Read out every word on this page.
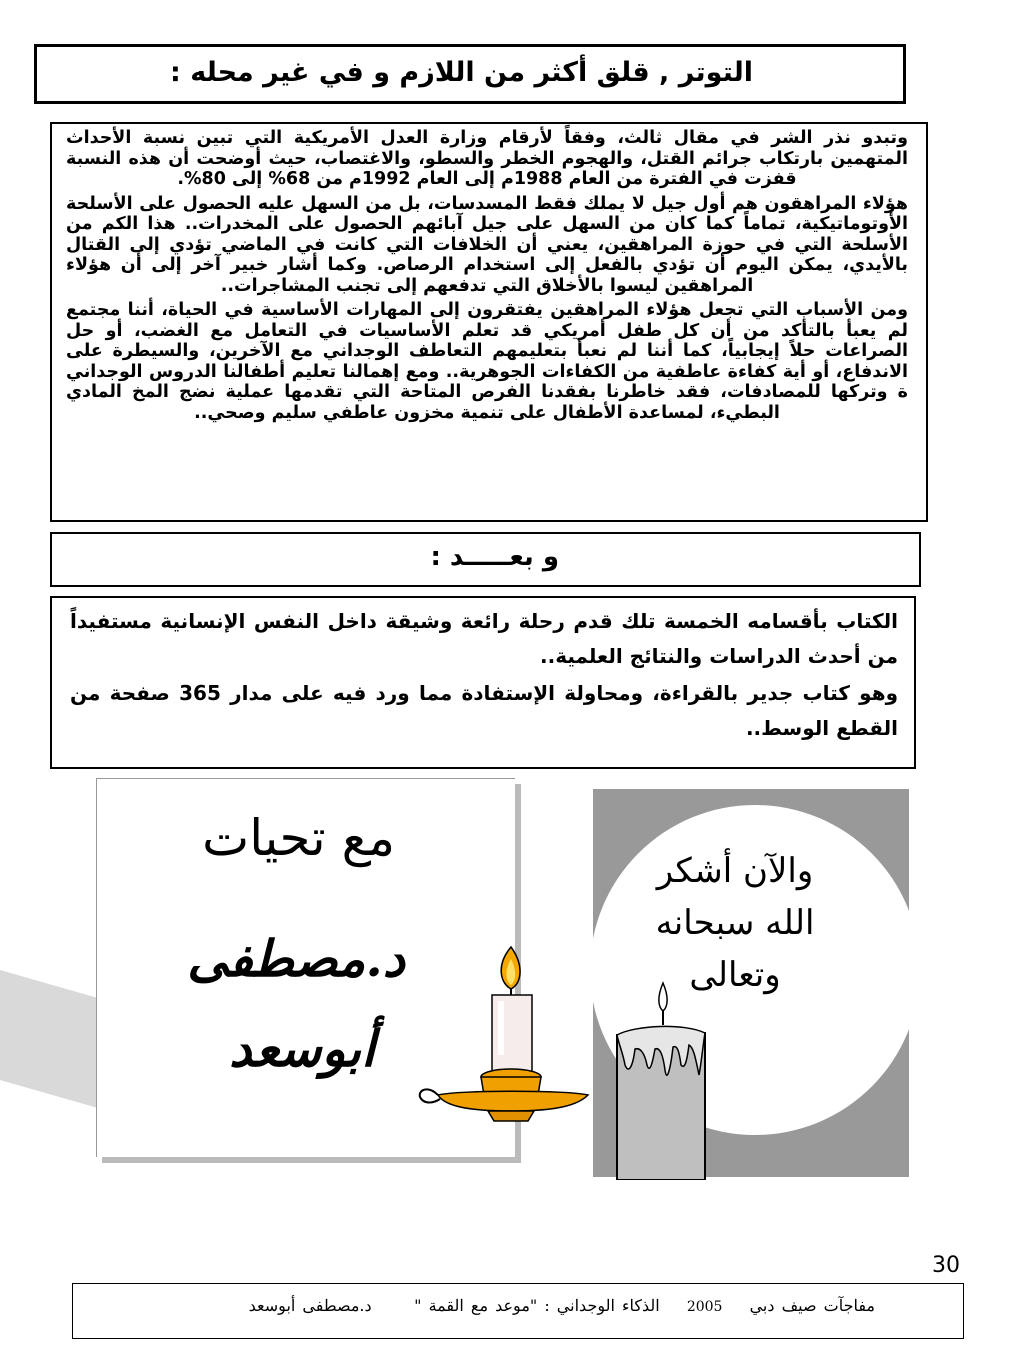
التوتر , قلق أكثر من اللازم و في غير محله :

وتبدو نذر الشر في مقال ثالث، وفقاً لأرقام وزارة العدل الأمريكية التي تبين نسبة الأحداث المتهمين بارتكاب جرائم القتل، والهجوم الخطر والسطو، والاغتصاب، حيث أوضحت أن هذه النسبة قفزت في الفترة من العام 1988م إلى العام 1992م من 68% إلى 80%.

هؤلاء المراهقون هم أول جيل لا يملك فقط المسدسات، بل من السهل عليه الحصول على الأسلحة الأوتوماتيكية، تماماً كما كان من السهل على جيل آبائهم الحصول على المخدرات.. هذا الكم من الأسلحة التي في حوزة المراهقين، يعني أن الخلافات التي كانت في الماضي تؤدي إلى القتال بالأيدي، يمكن اليوم أن تؤدي بالفعل إلى استخدام الرصاص. وكما أشار خبير آخر إلى أن هؤلاء المراهقين ليسوا بالأخلاق التي تدفعهم إلى تجنب المشاجرات..

ومن الأسباب التي تجعل هؤلاء المراهقين يفتقرون إلى المهارات الأساسية في الحياة، أننا مجتمع لم يعبأ بالتأكد من أن كل طفل أمريكي قد تعلم الأساسيات في التعامل مع الغضب، أو حل الصراعات حلاً إيجابياً، كما أننا لم نعبأ بتعليمهم التعاطف الوجداني مع الآخرين، والسيطرة على الاندفاع، أو أية كفاءة عاطفية من الكفاءات الجوهرية.. ومع إهمالنا تعليم أطفالنا الدروس الوجداني ة وتركها للمصادفات، فقد خاطرنا بفقدنا الفرص المتاحة التي تقدمها عملية نضج المخ المادي البطيء، لمساعدة الأطفال على تنمية مخزون عاطفي سليم وصحي..

و بعـــــد :

الكتاب بأقسامه الخمسة تلك قدم رحلة رائعة وشيقة داخل النفس الإنسانية مستفيداً من أحدث الدراسات والنتائج العلمية..

وهو كتاب جدير بالقراءة، ومحاولة الإستفادة مما ورد فيه على مدار 365 صفحة من القطع الوسط..

مع تحيات
د.مصطفى
أبوسعد
والآن أشكر
الله سبحانه
وتعالى
30
مفاجآت صيف دبي 2005 الذكاء الوجداني : "موعد مع القمة "      د.مصطفى أبوسعد
